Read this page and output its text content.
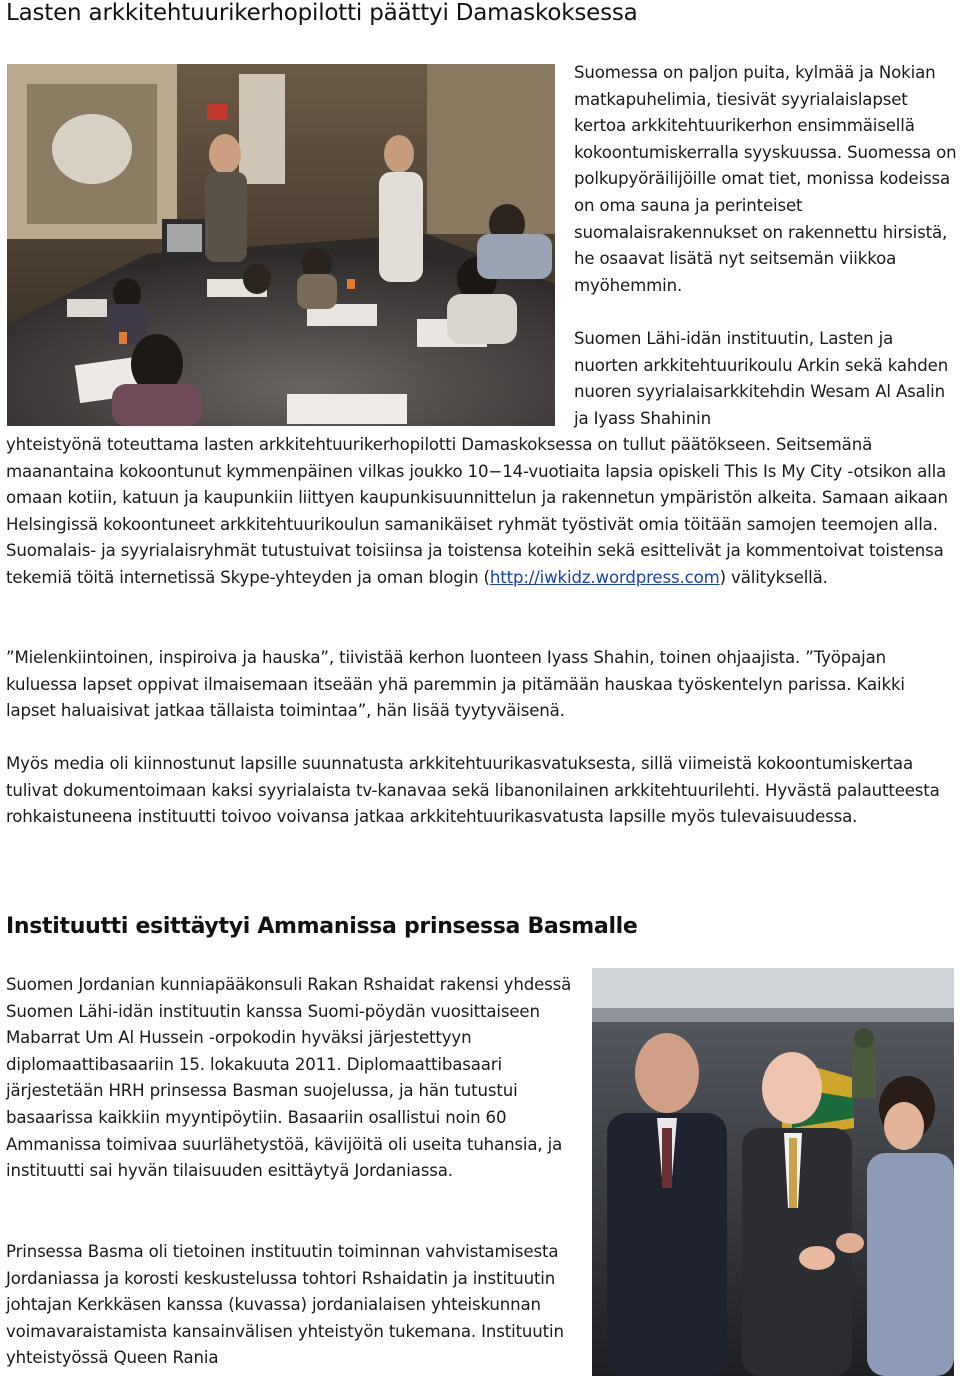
Lasten arkkitehtuurikerhopilotti päättyi Damaskoksessa

Suomessa on paljon puita, kylmää ja Nokian matkapuhelimia, tiesivät syyrialaislapset kertoa arkkitehtuurikerhon ensimmäisellä kokoontumiskerralla syyskuussa. Suomessa on polkupyöräilijöille omat tiet, monissa kodeissa on oma sauna ja perinteiset suomalaisrakennukset on rakennettu hirsistä, he osaavat lisätä nyt seitsemän viikkoa myöhemmin.

Suomen Lähi-idän instituutin, Lasten ja nuorten arkkitehtuurikoulu Arkin sekä kahden nuoren syyrialaisarkkitehdin Wesam Al Asalin ja Iyass Shahinin

yhteistyönä toteuttama lasten arkkitehtuurikerhopilotti Damaskoksessa on tullut päätökseen. Seitsemänä maanantaina kokoontunut kymmenpäinen vilkas joukko 10−14-vuotiaita lapsia opiskeli This Is My City -otsikon alla omaan kotiin, katuun ja kaupunkiin liittyen kaupunkisuunnittelun ja rakennetun ympäristön alkeita. Samaan aikaan Helsingissä kokoontuneet arkkitehtuurikoulun samanikäiset ryhmät työstivät omia töitään samojen teemojen alla. Suomalais- ja syyrialaisryhmät tutustuivat toisiinsa ja toistensa koteihin sekä esittelivät ja kommentoivat toistensa tekemiä töitä internetissä Skype-yhteyden ja oman blogin (http://iwkidz.wordpress.com) välityksellä.

”Mielenkiintoinen, inspiroiva ja hauska”, tiivistää kerhon luonteen Iyass Shahin, toinen ohjaajista. ”Työpajan kuluessa lapset oppivat ilmaisemaan itseään yhä paremmin ja pitämään hauskaa työskentelyn parissa. Kaikki lapset haluaisivat jatkaa tällaista toimintaa”, hän lisää tyytyväisenä.

Myös media oli kiinnostunut lapsille suunnatusta arkkitehtuurikasvatuksesta, sillä viimeistä kokoontumiskertaa tulivat dokumentoimaan kaksi syyrialaista tv-kanavaa sekä libanonilainen arkkitehtuurilehti. Hyvästä palautteesta rohkaistuneena instituutti toivoo voivansa jatkaa arkkitehtuurikasvatusta lapsille myös tulevaisuudessa.

Instituutti esittäytyi Ammanissa prinsessa Basmalle

Suomen Jordanian kunniapääkonsuli Rakan Rshaidat rakensi yhdessä Suomen Lähi-idän instituutin kanssa Suomi-pöydän vuosittaiseen Mabarrat Um Al Hussein -orpokodin hyväksi järjestettyyn diplomaattibasaariin 15. lokakuuta 2011. Diplomaattibasaari järjestetään HRH prinsessa Basman suojelussa, ja hän tutustui basaarissa kaikkiin myyntipöytiin. Basaariin osallistui noin 60 Ammanissa toimivaa suurlähetystöä, kävijöitä oli useita tuhansia, ja instituutti sai hyvän tilaisuuden esittäytyä Jordaniassa.

Prinsessa Basma oli tietoinen instituutin toiminnan vahvistamisesta Jordaniassa ja korosti keskustelussa tohtori Rshaidatin ja instituutin johtajan Kerkkäsen kanssa (kuvassa) jordanialaisen yhteiskunnan voimavaraistamista kansainvälisen yhteistyön tukemana. Instituutin yhteistyössä Queen Rania
